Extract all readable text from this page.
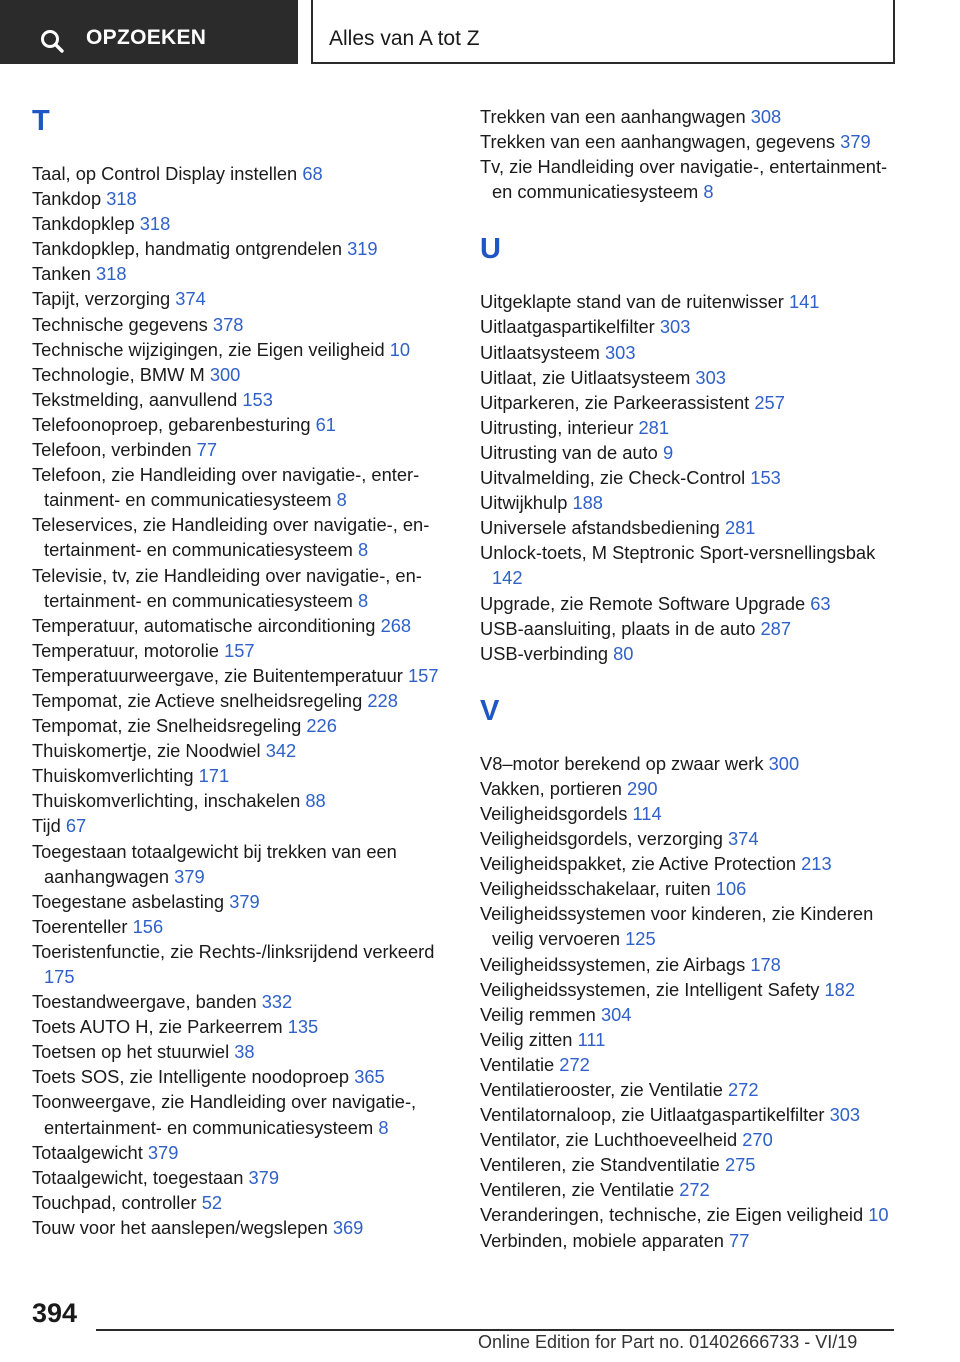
OPZOEKEN	Alles van A tot Z
T
Taal, op Control Display instellen 68
Tankdop 318
Tankdopklep 318
Tankdopklep, handmatig ontgrendelen 319
Tanken 318
Tapijt, verzorging 374
Technische gegevens 378
Technische wijzigingen, zie Eigen veiligheid 10
Technologie, BMW M 300
Tekstmelding, aanvullend 153
Telefoonoproep, gebarenbesturing 61
Telefoon, verbinden 77
Telefoon, zie Handleiding over navigatie-, entertainment- en communicatiesysteem 8
Teleservices, zie Handleiding over navigatie-, entertainment- en communicatiesysteem 8
Televisie, tv, zie Handleiding over navigatie-, entertainment- en communicatiesysteem 8
Temperatuur, automatische airconditioning 268
Temperatuur, motorolie 157
Temperatuurweergave, zie Buitentemperatuur 157
Tempomat, zie Actieve snelheidsregeling 228
Tempomat, zie Snelheidsregeling 226
Thuiskomertje, zie Noodwiel 342
Thuiskomverlichting 171
Thuiskomverlichting, inschakelen 88
Tijd 67
Toegestaan totaalgewicht bij trekken van een aanhangwagen 379
Toegestane asbelasting 379
Toerenteller 156
Toeristenfunctie, zie Rechts-/linksrijdend verkeerd 175
Toestandweergave, banden 332
Toets AUTO H, zie Parkeerrem 135
Toetsen op het stuurwiel 38
Toets SOS, zie Intelligente noodoproep 365
Toonweergave, zie Handleiding over navigatie-, entertainment- en communicatiesysteem 8
Totaalgewicht 379
Totaalgewicht, toegestaan 379
Touchpad, controller 52
Touw voor het aanslepen/wegslepen 369
Trekken van een aanhangwagen 308
Trekken van een aanhangwagen, gegevens 379
Tv, zie Handleiding over navigatie-, entertainment- en communicatiesysteem 8
U
Uitgeklapte stand van de ruitenwisser 141
Uitlaatgaspartikelfilter 303
Uitlaatsysteem 303
Uitlaat, zie Uitlaatsysteem 303
Uitparkeren, zie Parkeerassistent 257
Uitrusting, interieur 281
Uitrusting van de auto 9
Uitvalmelding, zie Check-Control 153
Uitwijkhulp 188
Universele afstandsbediening 281
Unlock-toets, M Steptronic Sport-versnellingsbak 142
Upgrade, zie Remote Software Upgrade 63
USB-aansluiting, plaats in de auto 287
USB-verbinding 80
V
V8–motor berekend op zwaar werk 300
Vakken, portieren 290
Veiligheidsgordels 114
Veiligheidsgordels, verzorging 374
Veiligheidspakket, zie Active Protection 213
Veiligheidsschakelaar, ruiten 106
Veiligheidssystemen voor kinderen, zie Kinderen veilig vervoeren 125
Veiligheidssystemen, zie Airbags 178
Veiligheidssystemen, zie Intelligent Safety 182
Veilig remmen 304
Veilig zitten 111
Ventilatie 272
Ventilatierooster, zie Ventilatie 272
Ventilatornaloop, zie Uitlaatgaspartikelfilter 303
Ventilator, zie Luchthoeveelheid 270
Ventileren, zie Standventilatie 275
Ventileren, zie Ventilatie 272
Veranderingen, technische, zie Eigen veiligheid 10
Verbinden, mobiele apparaten 77
394
Online Edition for Part no. 01402666733 - VI/19
